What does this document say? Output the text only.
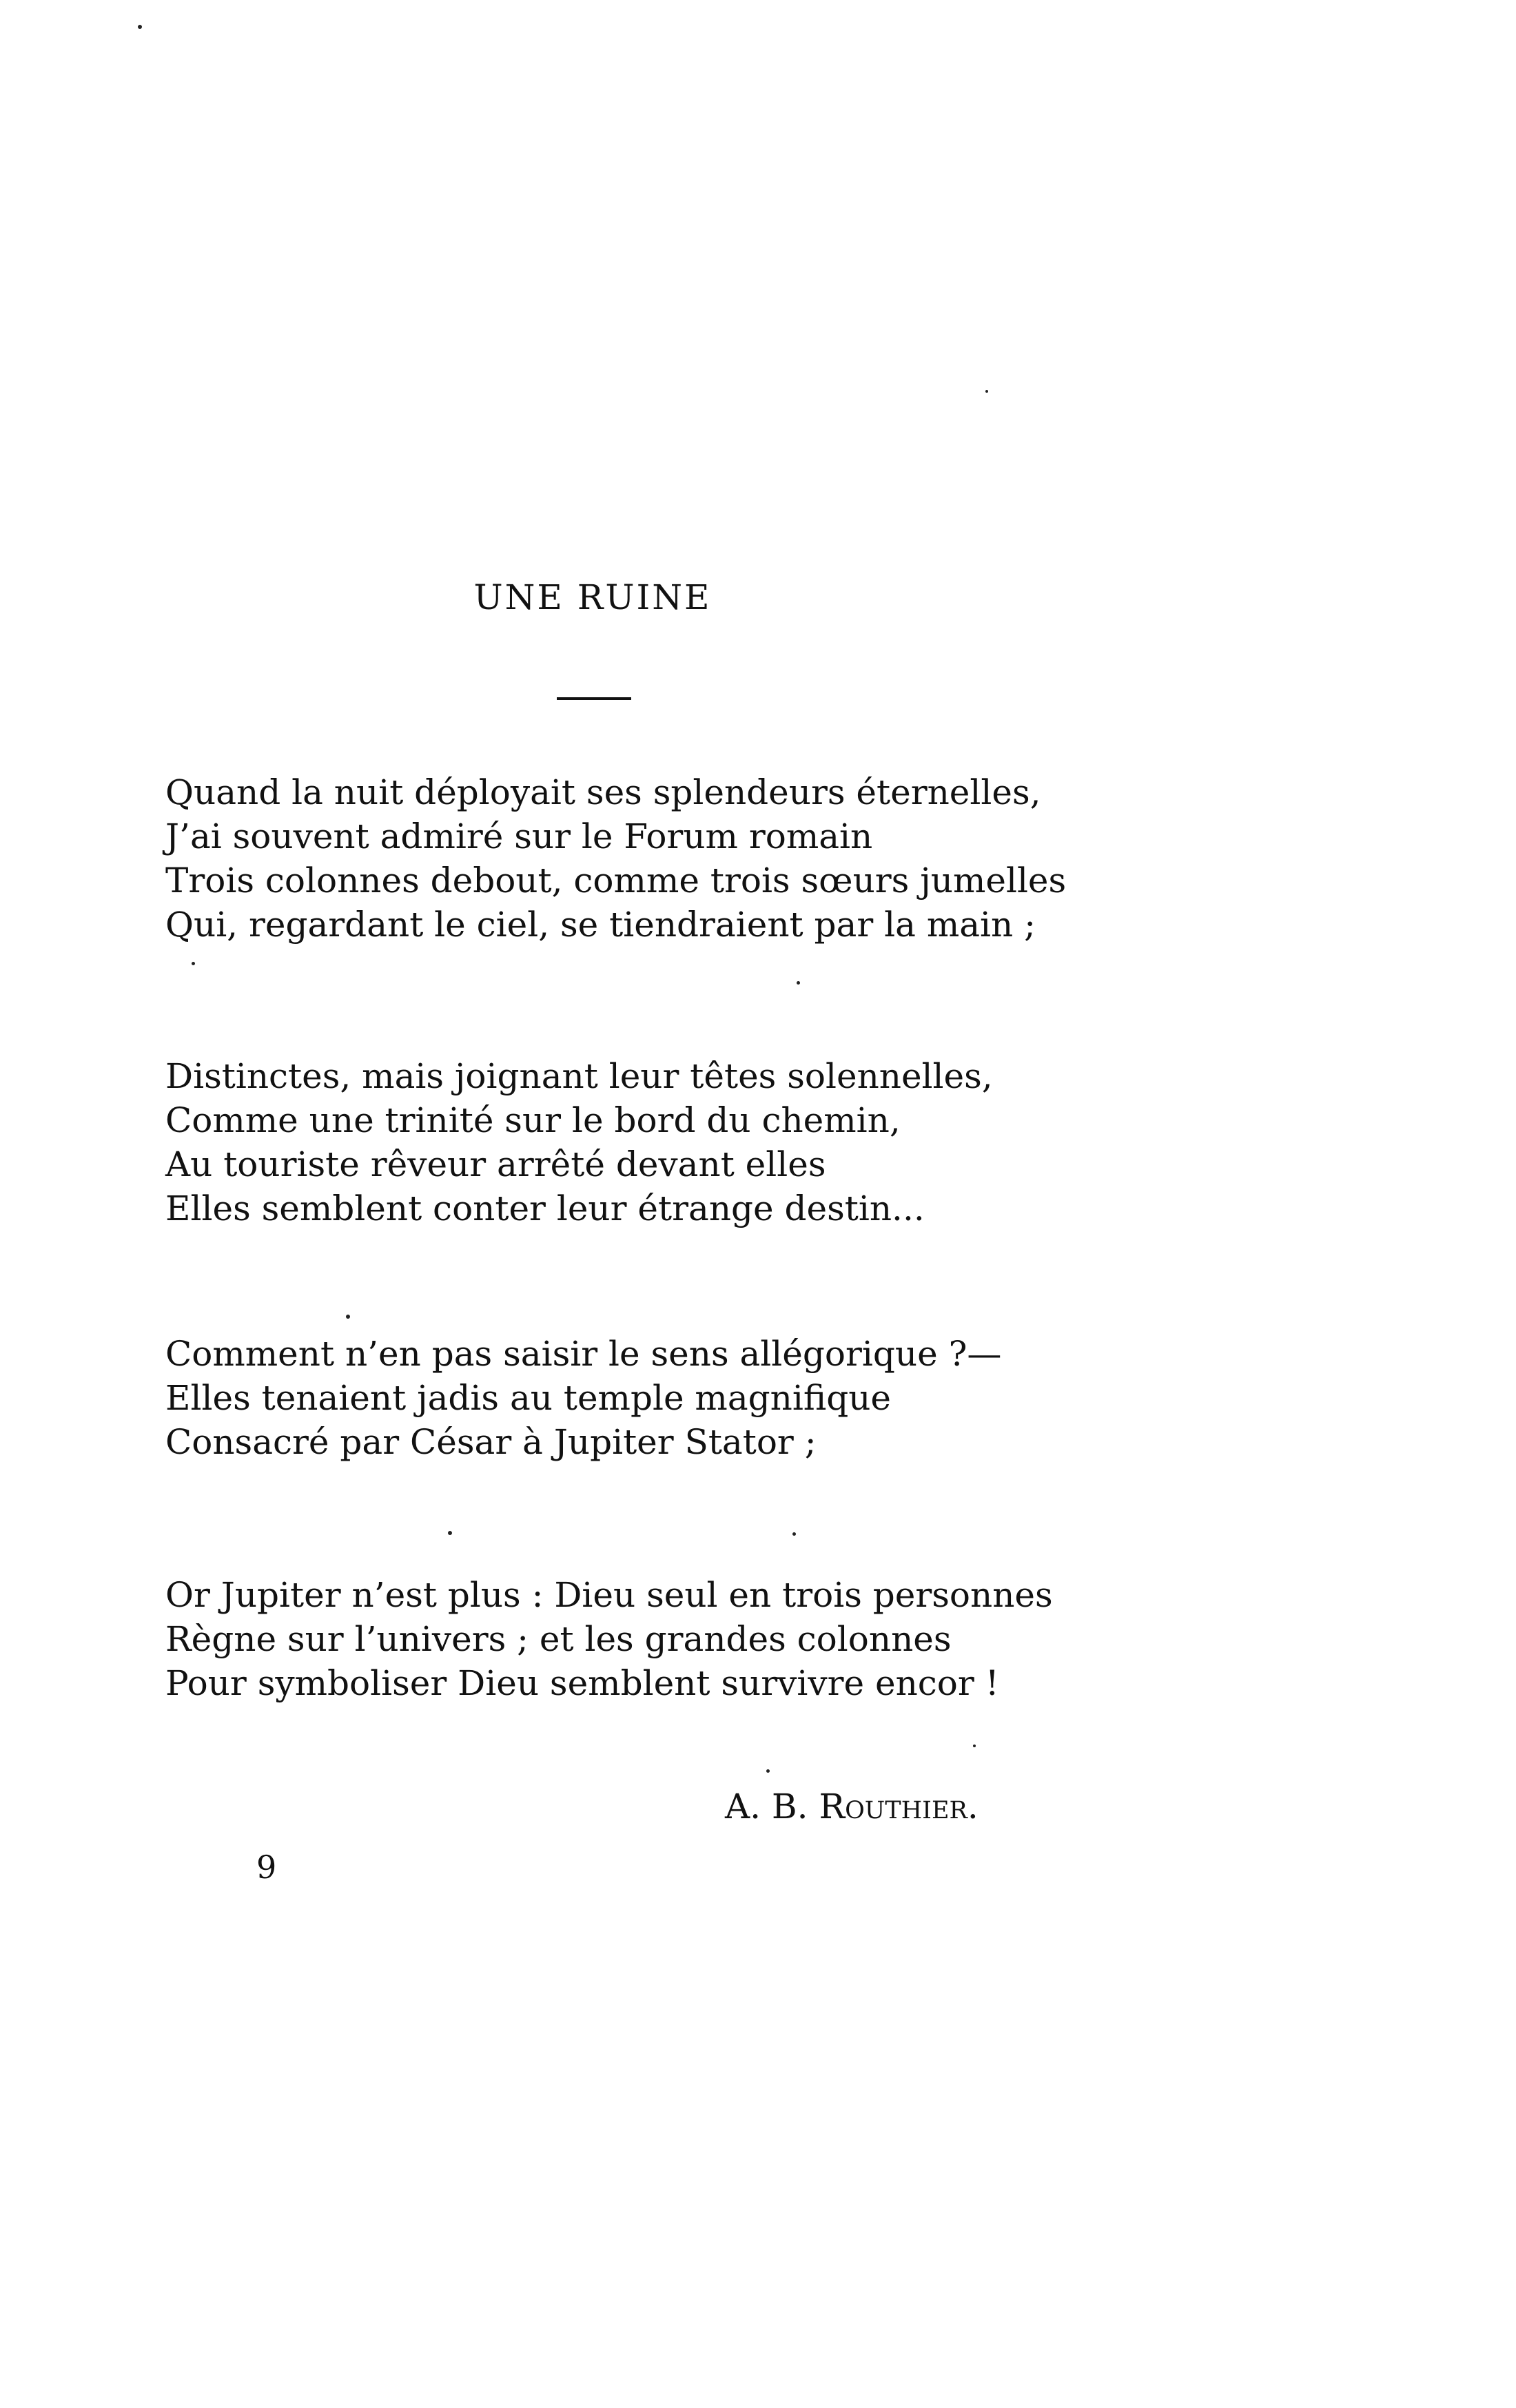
UNE RUINE
Quand la nuit déployait ses splendeurs éternelles,
J’ai souvent admiré sur le Forum romain
Trois colonnes debout, comme trois sœurs jumelles
Qui, regardant le ciel, se tiendraient par la main ;
Distinctes, mais joignant leur têtes solennelles,
Comme une trinité sur le bord du chemin,
Au touriste rêveur arrêté devant elles
Elles semblent conter leur étrange destin...
Comment n’en pas saisir le sens allégorique ?—
Elles tenaient jadis au temple magnifique
Consacré par César à Jupiter Stator ;
Or Jupiter n’est plus : Dieu seul en trois personnes
Règne sur l’univers ; et les grandes colonnes
Pour symboliser Dieu semblent survivre encor !
A. B. Routhier.
9
